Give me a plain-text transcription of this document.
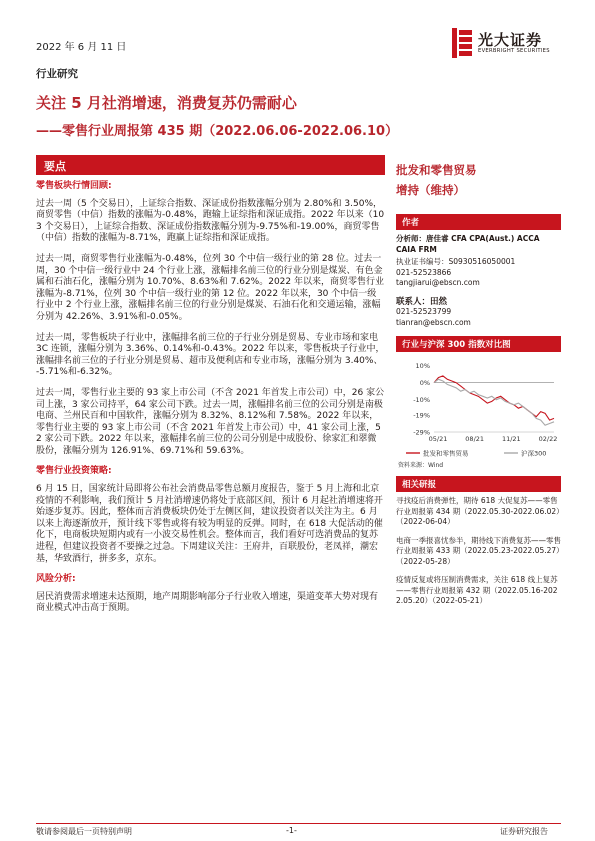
2022 年 6 月 11 日	光大证券
EVERBRIGHT SECURITIES
行业研究
关注 5 月社消增速，消费复苏仍需耐心
——零售行业周报第 435 期（2022.06.06-2022.06.10）
要点
零售板块行情回顾:
过去一周（5 个交易日），上证综合指数、深证成份指数涨幅分别为 2.80%和 3.50%，商贸零售（中信）指数的涨幅为-0.48%，跑输上证综指和深证成指。2022 年以来（103 个交易日），上证综合指数、深证成份指数涨幅分别为-9.75%和-19.00%，商贸零售（中信）指数的涨幅为-8.71%，跑赢上证综指和深证成指。
过去一周，商贸零售行业涨幅为-0.48%，位列 30 个中信一级行业的第 28 位。过去一周，30 个中信一级行业中 24 个行业上涨，涨幅排名前三位的行业分别是煤炭、有色金属和石油石化，涨幅分别为 10.70%、8.63%和 7.62%。2022 年以来，商贸零售行业涨幅为-8.71%，位列 30 个中信一级行业的第 12 位。2022 年以来，30 个中信一级行业中 2 个行业上涨，涨幅排名前三位的行业分别是煤炭、石油石化和交通运输，涨幅分别为 42.26%、3.91%和-0.05%。
过去一周，零售板块子行业中，涨幅排名前三位的子行业分别是贸易、专业市场和家电 3C 连锁，涨幅分别为 3.36%、0.14%和-0.43%。2022 年以来，零售板块子行业中，涨幅排名前三位的子行业分别是贸易、超市及便利店和专业市场，涨幅分别为 3.40%、-5.71%和-6.32%。
过去一周，零售行业主要的 93 家上市公司（不含 2021 年首发上市公司）中，26 家公司上涨，3 家公司持平，64 家公司下跌。过去一周，涨幅排名前三位的公司分别是南极电商、兰州民百和中国软件，涨幅分别为 8.32%、8.12%和 7.58%。2022 年以来，零售行业主要的 93 家上市公司（不含 2021 年首发上市公司）中，41 家公司上涨，52 家公司下跌。2022 年以来，涨幅排名前三位的公司分别是中成股份、徐家汇和翠微股份，涨幅分别为 126.91%、69.71%和 59.63%。
零售行业投资策略:
6 月 15 日，国家统计局即将公布社会消费品零售总额月度报告，鉴于 5 月上海和北京疫情的不利影响，我们预计 5 月社消增速仍将处于底部区间，预计 6 月起社消增速将开始逐步复苏。因此，整体而言消费板块仍处于左侧区间，建议投资者以关注为主。6 月以来上海逐渐放开，预计线下零售或将有较为明显的反弹。同时，在 618 大促活动的催化下，电商板块短期内或有一小波交易性机会。整体而言，我们看好可选消费品的复苏进程，但建议投资者不要操之过急。下周建议关注：王府井，百联股份，老凤祥，潮宏基，华致酒行，拼多多，京东。
风险分析:
居民消费需求增速未达预期，地产周期影响部分子行业收入增速，渠道变革大势对现有商业模式冲击高于预期。
批发和零售贸易
增持（维持）
作者
分析师：唐佳睿 CFA CPA(Aust.) ACCA CAIA FRM
执业证书编号：S0930516050001
021-52523866
tangjiarui@ebscn.com
联系人：田然
021-52523799
tianran@ebscn.com
行业与沪深 300 指数对比图
10%
0%
-10%
-19%
-29%
05/21	08/21	11/21	02/22
批发和零售贸易	沪深300
资料来源：Wind
相关研报
寻找疫后消费弹性，期待 618 大促复苏——零售行业周报第 434 期（2022.05.30-2022.06.02）（2022-06-04）
电商一季报喜忧参半，期待线下消费复苏——零售行业周报第 433 期（2022.05.23-2022.05.27）（2022-05-28）
疫情反复或将压制消费需求，关注 618 线上复苏——零售行业周报第 432 期（2022.05.16-2022.05.20）（2022-05-21）
敬请参阅最后一页特别声明	-1-	证券研究报告
